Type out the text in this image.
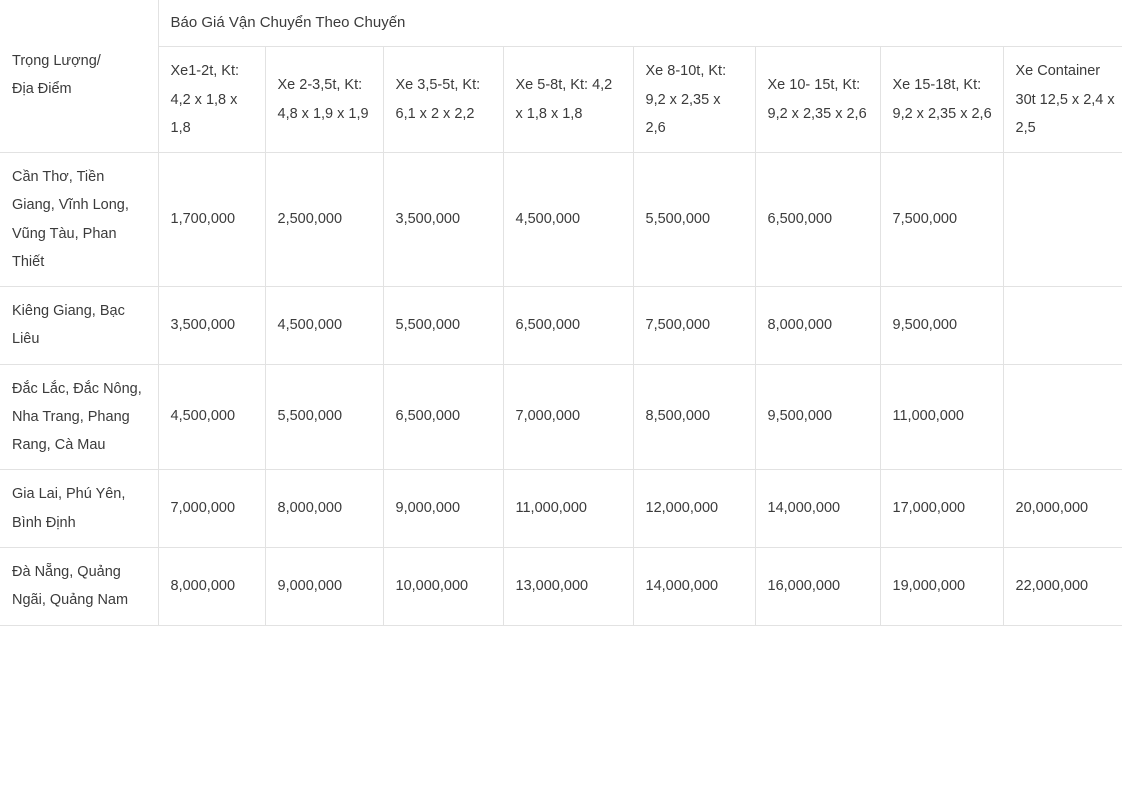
Trọng Lượng/
Địa Điểm	Báo Giá Vận Chuyển Theo Chuyến							
	Xe1-2t, Kt: 4,2 x 1,8 x 1,8	Xe 2-3,5t, Kt: 4,8 x 1,9 x 1,9	Xe 3,5-5t, Kt: 6,1 x 2 x 2,2	Xe 5-8t, Kt: 4,2 x 1,8 x 1,8	Xe 8-10t, Kt: 9,2 x 2,35 x 2,6	Xe 10- 15t, Kt: 9,2 x 2,35 x 2,6	Xe 15-18t, Kt: 9,2 x 2,35 x 2,6	Xe Container 30t 12,5 x 2,4 x 2,5
Cần Thơ, Tiền Giang, Vĩnh Long, Vũng Tàu, Phan Thiết	1,700,000	2,500,000	3,500,000	4,500,000	5,500,000	6,500,000	7,500,000	
Kiêng Giang, Bạc Liêu	3,500,000	4,500,000	5,500,000	6,500,000	7,500,000	8,000,000	9,500,000	
Đắc Lắc, Đắc Nông, Nha Trang, Phang Rang, Cà Mau	4,500,000	5,500,000	6,500,000	7,000,000	8,500,000	9,500,000	11,000,000	
Gia Lai, Phú Yên, Bình Định	7,000,000	8,000,000	9,000,000	11,000,000	12,000,000	14,000,000	17,000,000	20,000,000
Đà Nẵng, Quảng Ngãi, Quảng Nam	8,000,000	9,000,000	10,000,000	13,000,000	14,000,000	16,000,000	19,000,000	22,000,000
